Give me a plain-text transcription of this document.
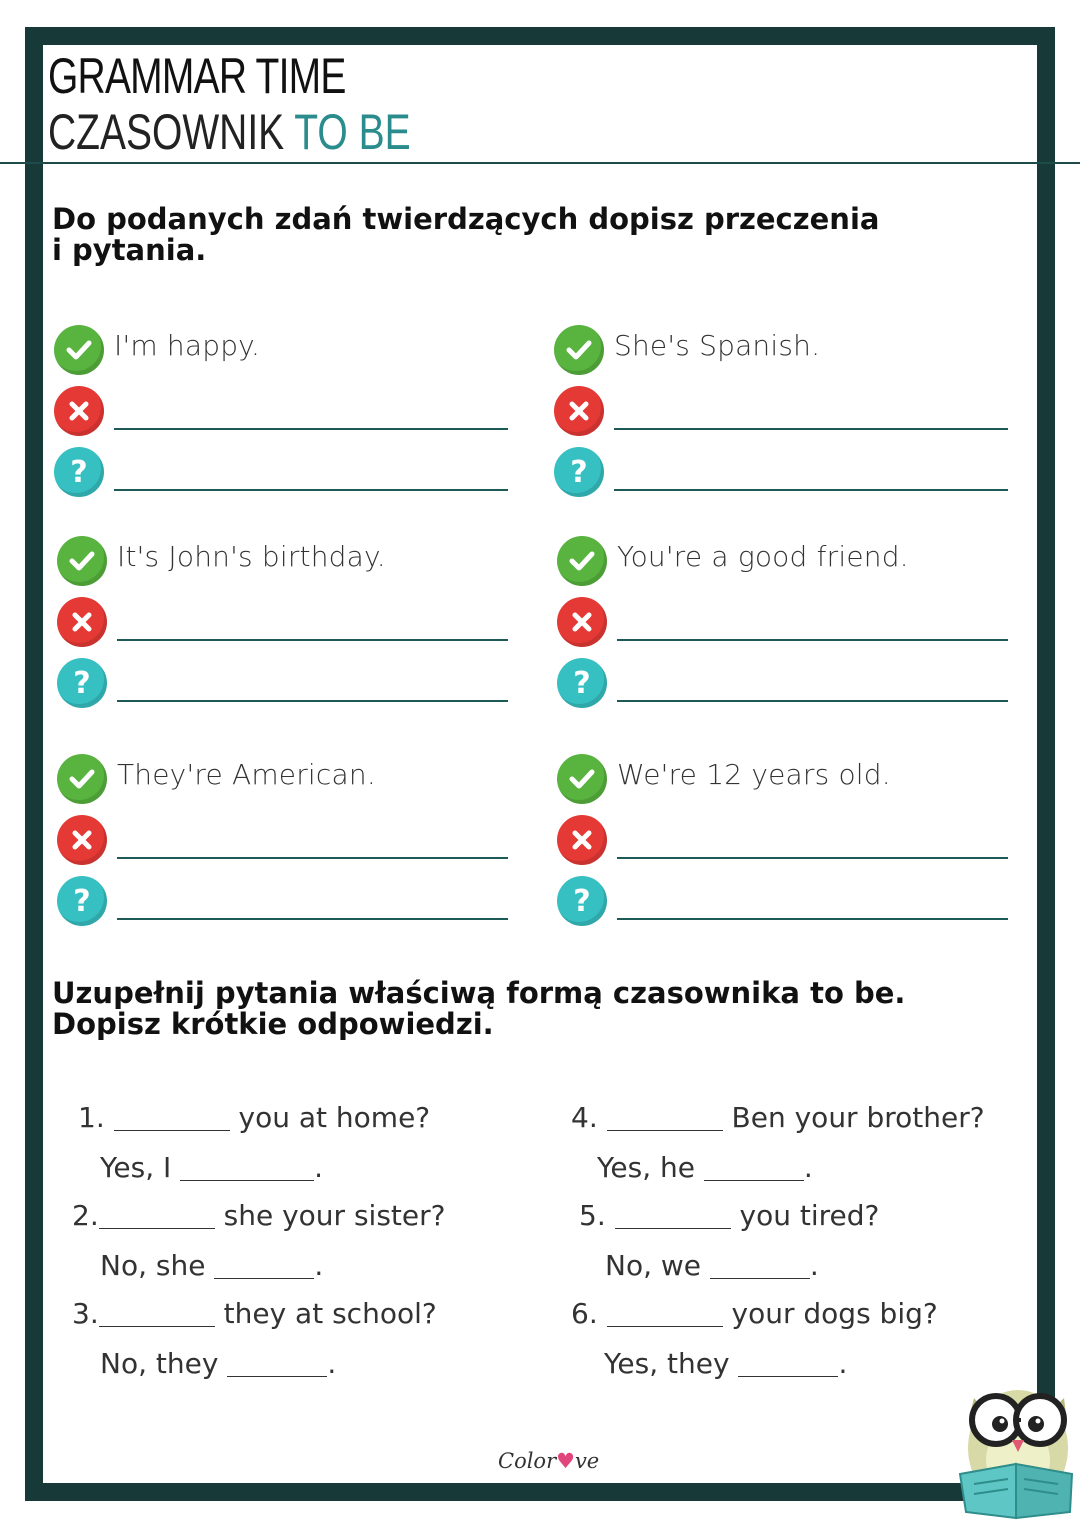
GRAMMAR TIME
CZASOWNIK TO BE
Do podanych zdań twierdzących dopisz przeczenia
i pytania.
I'm happy.
?
She's Spanish.
?
It's John's birthday.
?
You're a good friend.
?
They're American.
?
We're 12 years old.
?
Uzupełnij pytania właściwą formą czasownika to be.
Dopisz krótkie odpowiedzi.
1.	you at home?
Yes, I	.
2.	she your sister?
No, she	.
3.	they at school?
No, they	.
4.	Ben your brother?
Yes, he	.
5.	you tired?
No, we	.
6.	your dogs big?
Yes, they	.
Color♥ve
